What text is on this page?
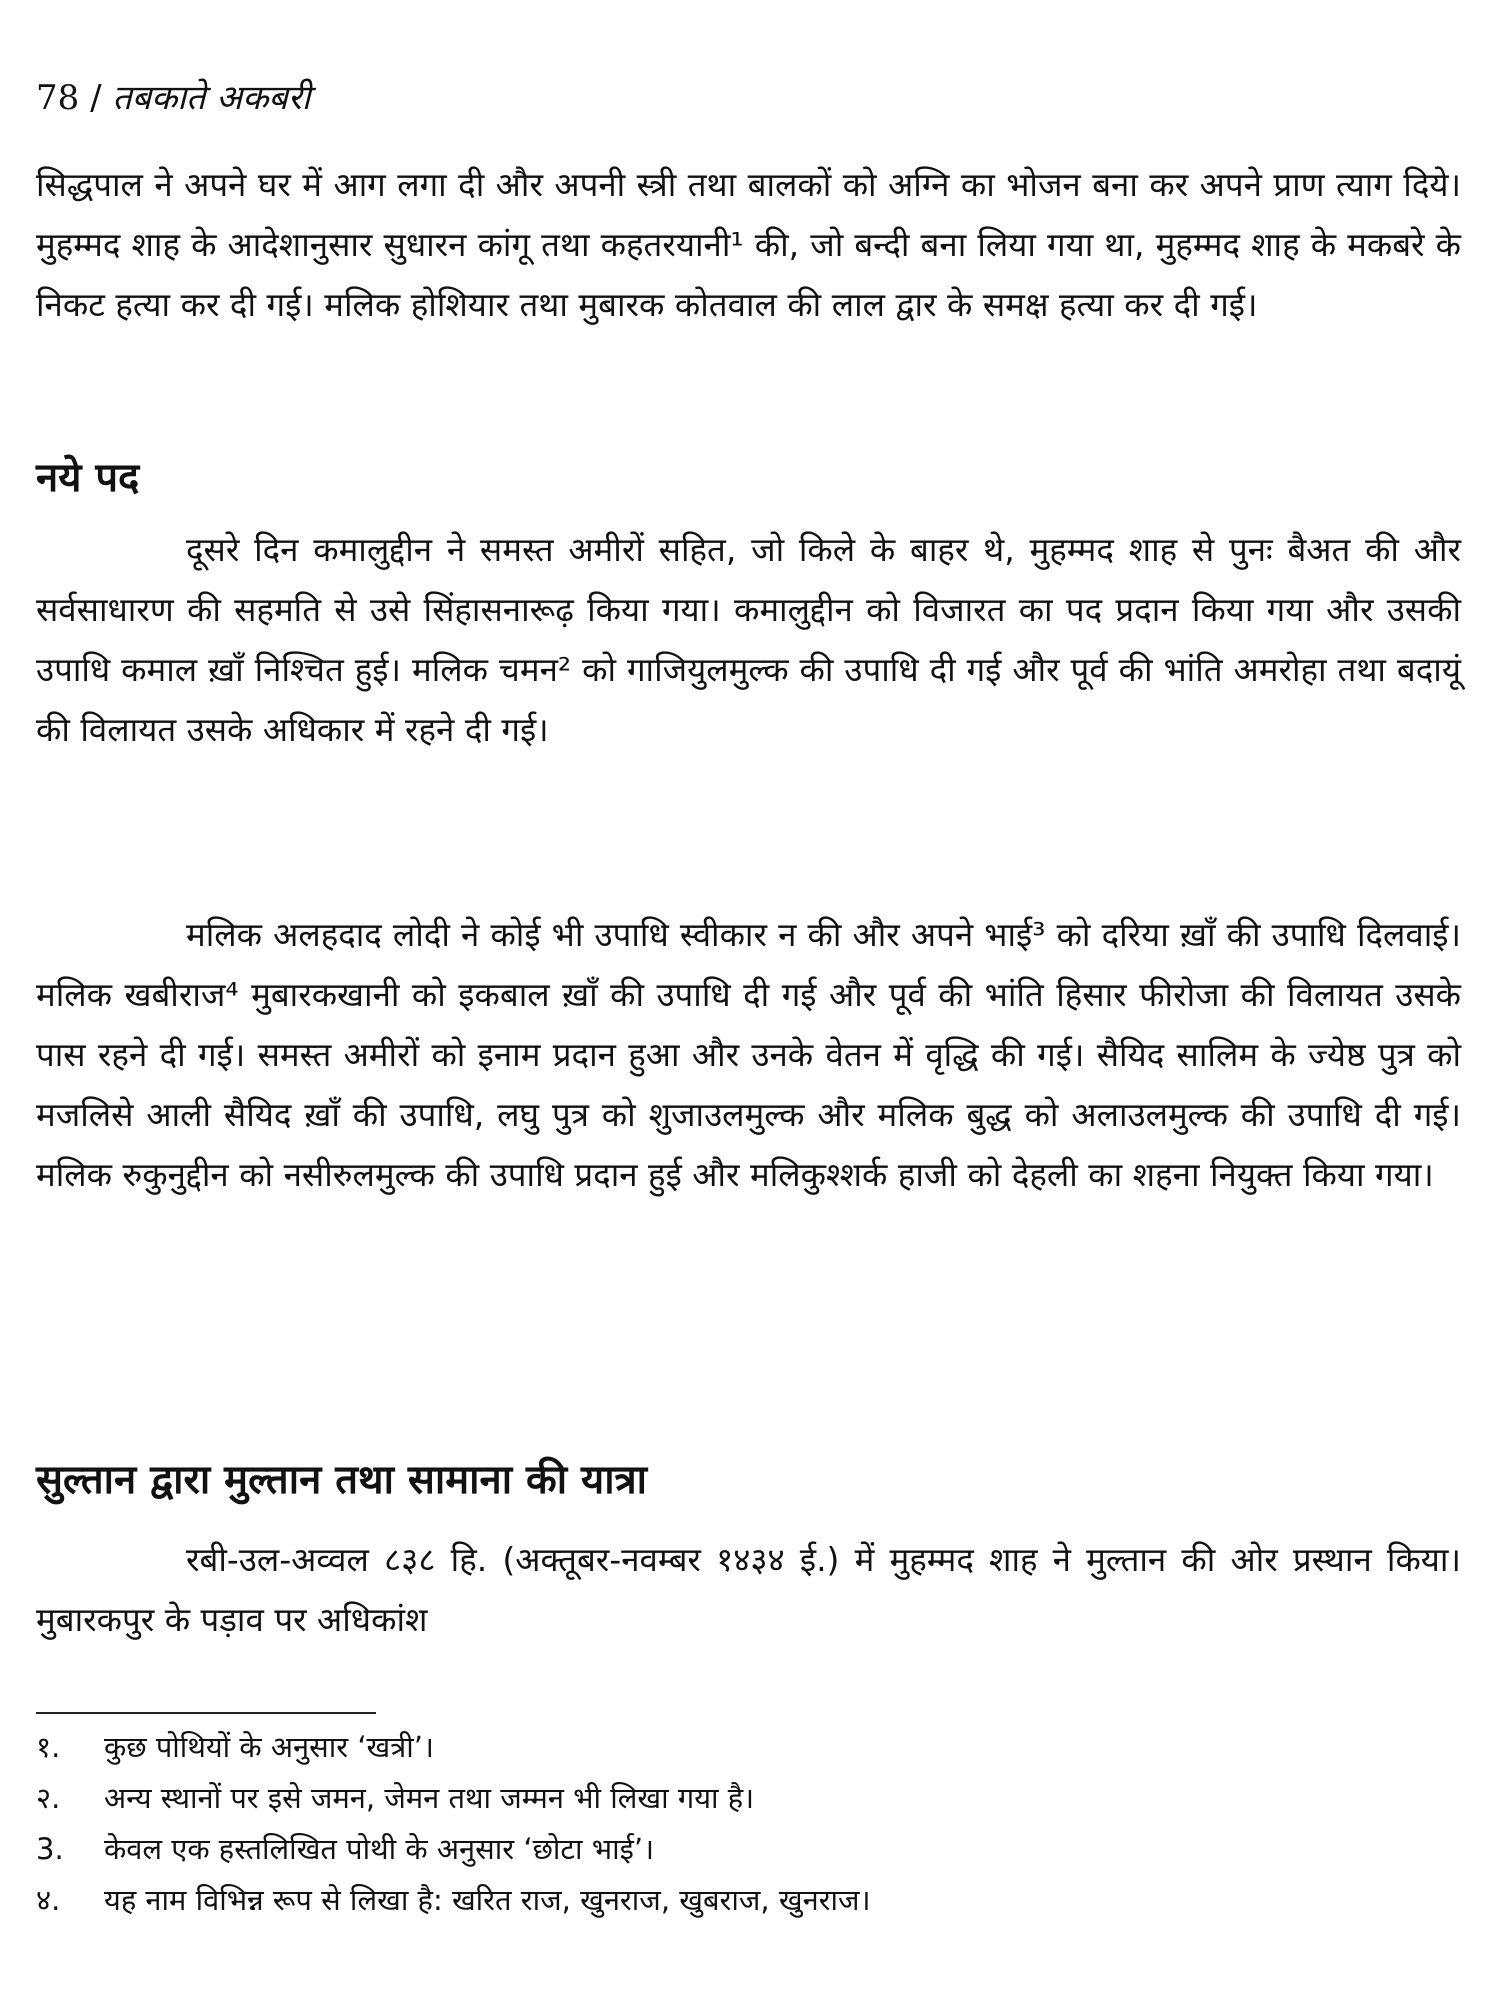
78 / तबकाते अकबरी

सिद्धपाल ने अपने घर में आग लगा दी और अपनी स्त्री तथा बालकों को अग्नि का भोजन बना कर अपने प्राण त्याग दिये। मुहम्मद शाह के आदेशानुसार सुधारन कांगू तथा कहतरयानी¹ की, जो बन्दी बना लिया गया था, मुहम्मद शाह के मकबरे के निकट हत्या कर दी गई। मलिक होशियार तथा मुबारक कोतवाल की लाल द्वार के समक्ष हत्या कर दी गई।

नये पद

दूसरे दिन कमालुद्दीन ने समस्त अमीरों सहित, जो किले के बाहर थे, मुहम्मद शाह से पुनः बैअत की और सर्वसाधारण की सहमति से उसे सिंहासनारूढ़ किया गया। कमालुद्दीन को विजारत का पद प्रदान किया गया और उसकी उपाधि कमाल ख़ाँ निश्चित हुई। मलिक चमन² को गाजियुलमुल्क की उपाधि दी गई और पूर्व की भांति अमरोहा तथा बदायूं की विलायत उसके अधिकार में रहने दी गई।

मलिक अलहदाद लोदी ने कोई भी उपाधि स्वीकार न की और अपने भाई³ को दरिया ख़ाँ की उपाधि दिलवाई। मलिक खबीराज⁴ मुबारकखानी को इकबाल ख़ाँ की उपाधि दी गई और पूर्व की भांति हिसार फीरोजा की विलायत उसके पास रहने दी गई। समस्त अमीरों को इनाम प्रदान हुआ और उनके वेतन में वृद्धि की गई। सैयिद सालिम के ज्येष्ठ पुत्र को मजलिसे आली सैयिद ख़ाँ की उपाधि, लघु पुत्र को शुजाउलमुल्क और मलिक बुद्ध को अलाउलमुल्क की उपाधि दी गई। मलिक रुकुनुद्दीन को नसीरुलमुल्क की उपाधि प्रदान हुई और मलिकुश्शर्क हाजी को देहली का शहना नियुक्त किया गया।

सुल्तान द्वारा मुल्तान तथा सामाना की यात्रा

रबी-उल-अव्वल ८३८ हि. (अक्तूबर-नवम्बर १४३४ ई.) में मुहम्मद शाह ने मुल्तान की ओर प्रस्थान किया। मुबारकपुर के पड़ाव पर अधिकांश

१. कुछ पोथियों के अनुसार ‘खत्री’।
२. अन्य स्थानों पर इसे जमन, जेमन तथा जम्मन भी लिखा गया है।
3. केवल एक हस्तलिखित पोथी के अनुसार ‘छोटा भाई’।
४. यह नाम विभिन्न रूप से लिखा है: खरित राज, खुनराज, खुबराज, खुनराज।
